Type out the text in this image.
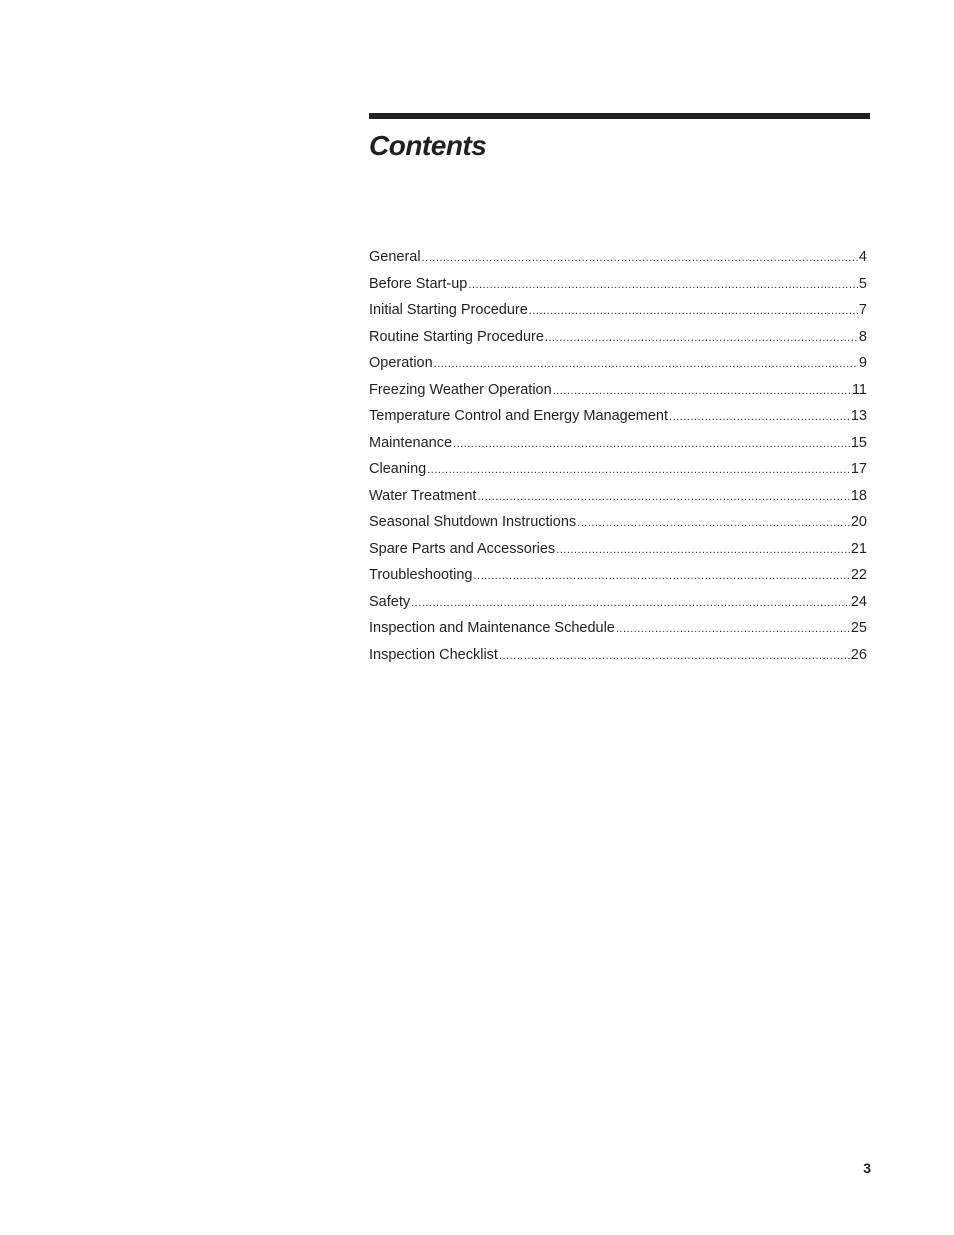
Contents
General .....	4
Before Start-up .....	5
Initial Starting Procedure .....	7
Routine Starting Procedure .....	8
Operation .....	9
Freezing Weather Operation .....	11
Temperature Control and Energy Management .....	13
Maintenance .....	15
Cleaning .....	17
Water Treatment .....	18
Seasonal Shutdown Instructions .....	20
Spare Parts and Accessories .....	21
Troubleshooting .....	22
Safety .....	24
Inspection and Maintenance Schedule .....	25
Inspection Checklist .....	26
3
